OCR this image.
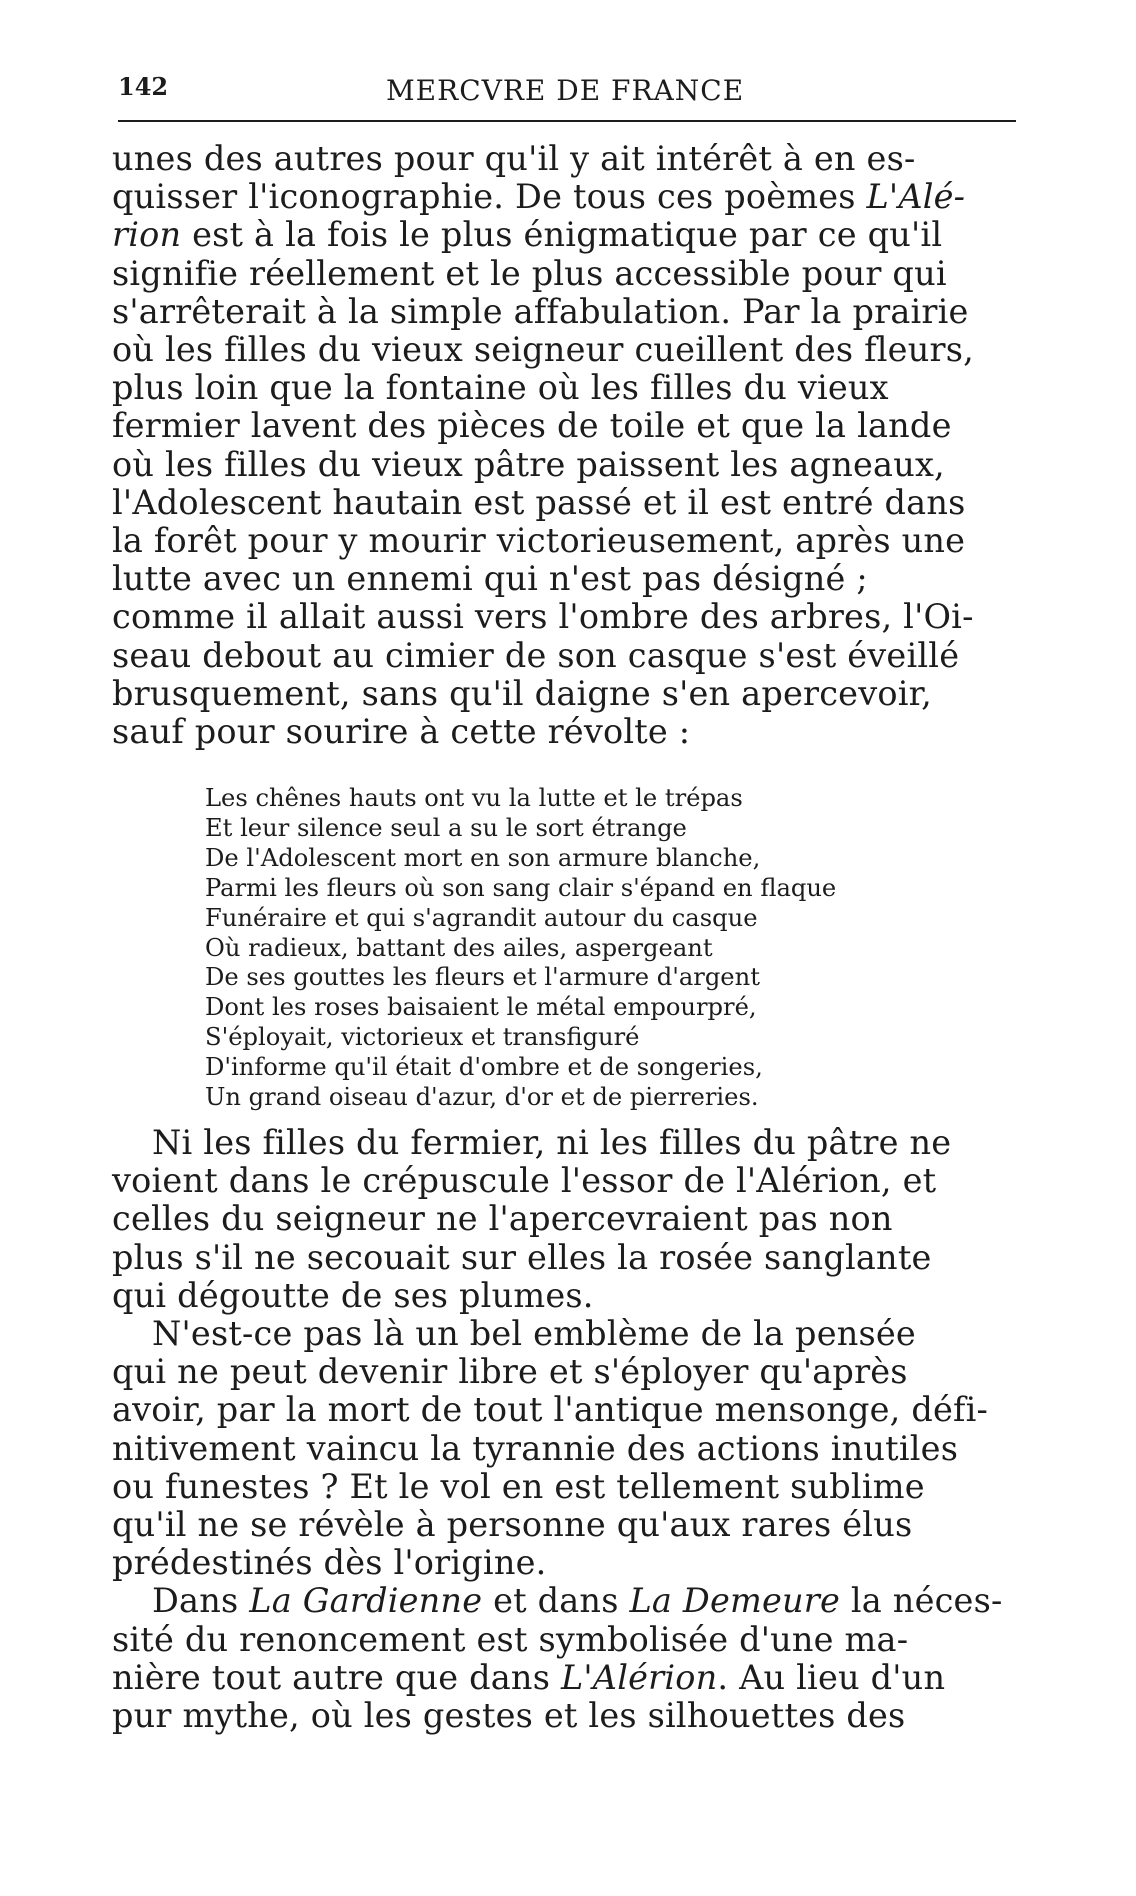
142	MERCVRE DE FRANCE
unes des autres pour qu'il y ait intérêt à en es-
quisser l'iconographie. De tous ces poèmes L'Alé-
rion est à la fois le plus énigmatique par ce qu'il
signifie réellement et le plus accessible pour qui
s'arrêterait à la simple affabulation. Par la prairie
où les filles du vieux seigneur cueillent des fleurs,
plus loin que la fontaine où les filles du vieux
fermier lavent des pièces de toile et que la lande
où les filles du vieux pâtre paissent les agneaux,
l'Adolescent hautain est passé et il est entré dans
la forêt pour y mourir victorieusement, après une
lutte avec un ennemi qui n'est pas désigné ;
comme il allait aussi vers l'ombre des arbres, l'Oi-
seau debout au cimier de son casque s'est éveillé
brusquement, sans qu'il daigne s'en apercevoir,
sauf pour sourire à cette révolte :
Les chênes hauts ont vu la lutte et le trépas
Et leur silence seul a su le sort étrange
De l'Adolescent mort en son armure blanche,
Parmi les fleurs où son sang clair s'épand en flaque
Funéraire et qui s'agrandit autour du casque
Où radieux, battant des ailes, aspergeant
De ses gouttes les fleurs et l'armure d'argent
Dont les roses baisaient le métal empourpré,
S'éployait, victorieux et transfiguré
D'informe qu'il était d'ombre et de songeries,
Un grand oiseau d'azur, d'or et de pierreries.
Ni les filles du fermier, ni les filles du pâtre ne
voient dans le crépuscule l'essor de l'Alérion, et
celles du seigneur ne l'apercevraient pas non
plus s'il ne secouait sur elles la rosée sanglante
qui dégoutte de ses plumes.
N'est-ce pas là un bel emblème de la pensée
qui ne peut devenir libre et s'éployer qu'après
avoir, par la mort de tout l'antique mensonge, défi-
nitivement vaincu la tyrannie des actions inutiles
ou funestes ? Et le vol en est tellement sublime
qu'il ne se révèle à personne qu'aux rares élus
prédestinés dès l'origine.
Dans La Gardienne et dans La Demeure la néces-
sité du renoncement est symbolisée d'une ma-
nière tout autre que dans L'Alérion. Au lieu d'un
pur mythe, où les gestes et les silhouettes des
